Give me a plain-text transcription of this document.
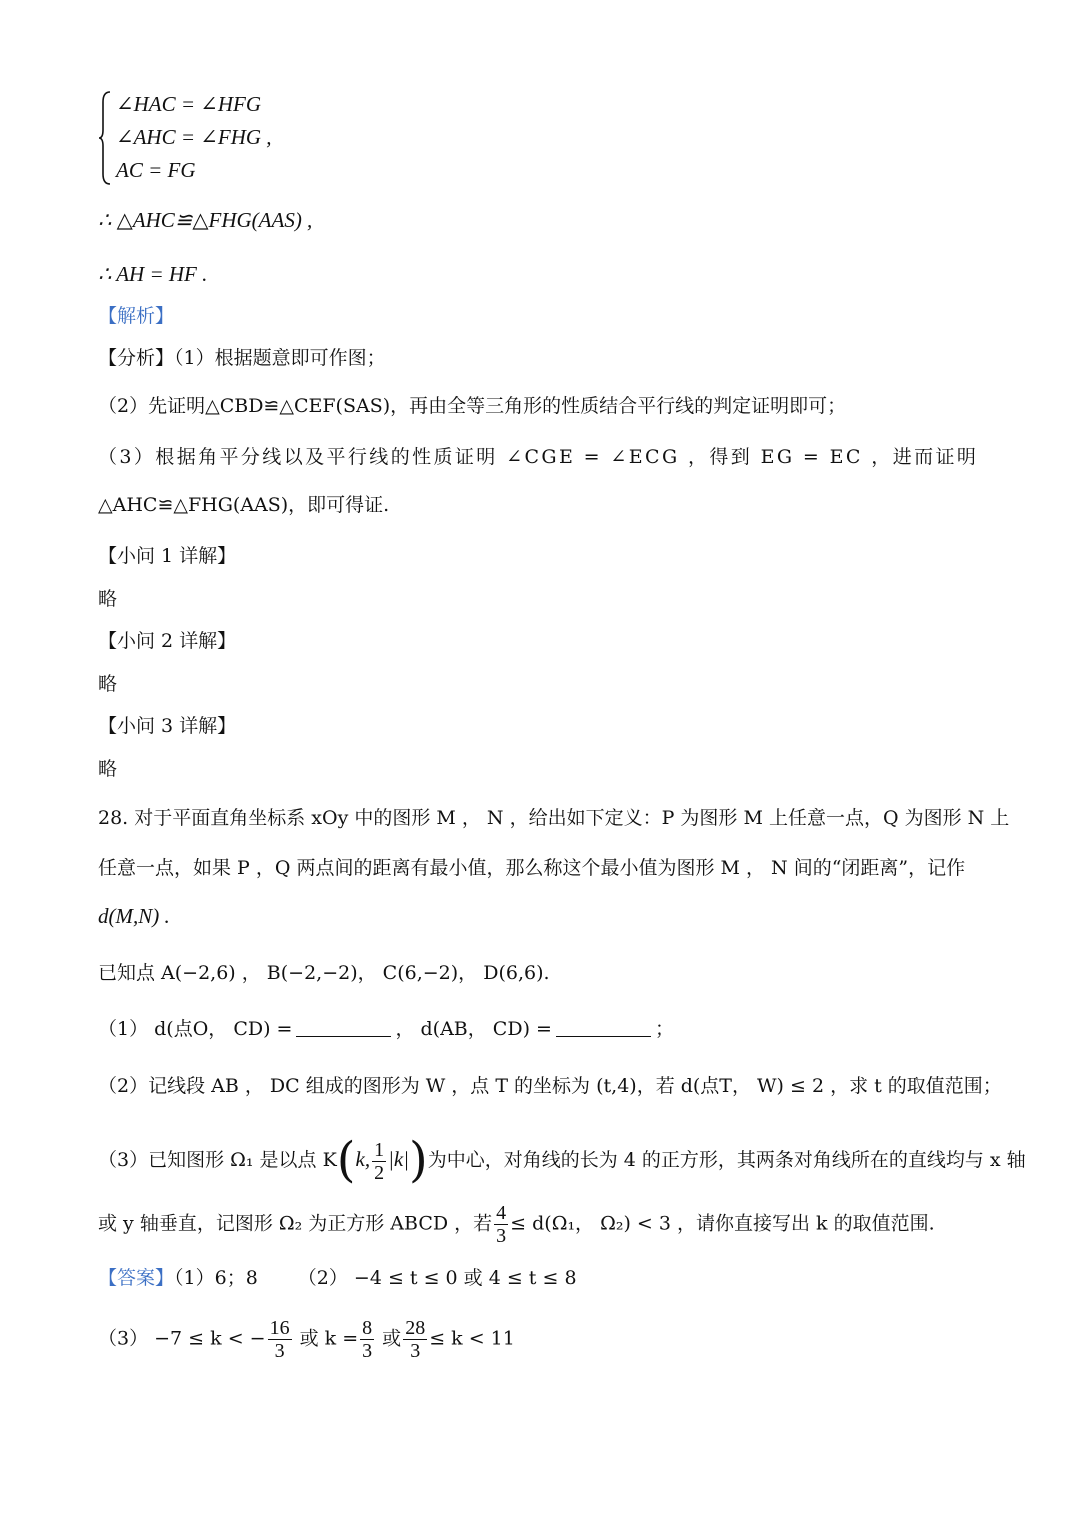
∠HAC = ∠HFG
∠AHC = ∠FHG ,
AC = FG
∴ △AHC≌△FHG(AAS) ,
∴ AH = HF .
【解析】
【分析】（1）根据题意即可作图；
（2）先证明△CBD≌△CEF(SAS)，再由全等三角形的性质结合平行线的判定证明即可；
（3）根据角平分线以及平行线的性质证明 ∠CGE = ∠ECG ，得到 EG = EC ，进而证明
△AHC≌△FHG(AAS)，即可得证.
【小问 1 详解】
略
【小问 2 详解】
略
【小问 3 详解】
略
28. 对于平面直角坐标系 xOy 中的图形 M ， N ，给出如下定义：P 为图形 M 上任意一点，Q 为图形 N 上
任意一点，如果 P ，Q 两点间的距离有最小值，那么称这个最小值为图形 M ， N 间的“闭距离”，记作
d(M,N) .
已知点 A(−2,6) ， B(−2,−2)， C(6,−2)， D(6,6).
（1） d(点O， CD) =	， d(AB， CD) =	；
（2）记线段 AB ， DC 组成的图形为 W ，点 T 的坐标为 (t,4)，若 d(点T， W) ≤ 2 ，求 t 的取值范围；
（3）已知图形 Ω₁ 是以点 K(k, $\frac{1}{2} |k|$)为中心，对角线的长为 4 的正方形，其两条对角线所在的直线均与 x 轴
或 y 轴垂直，记图形 Ω₂ 为正方形 ABCD ，若 $\frac{4}{3} \le d(\Omega_1$， Ω₂) < 3 ，请你直接写出 k 的取值范围.
【答案】（1）6；8 （2） −4 ≤ t ≤ 0 或 4 ≤ t ≤ 8
（3） −7 ≤ k < − $\frac{16}{3}$ 或 $k = \frac{8}{3}$ 或 $\frac{28}{3} \le k < 11$
